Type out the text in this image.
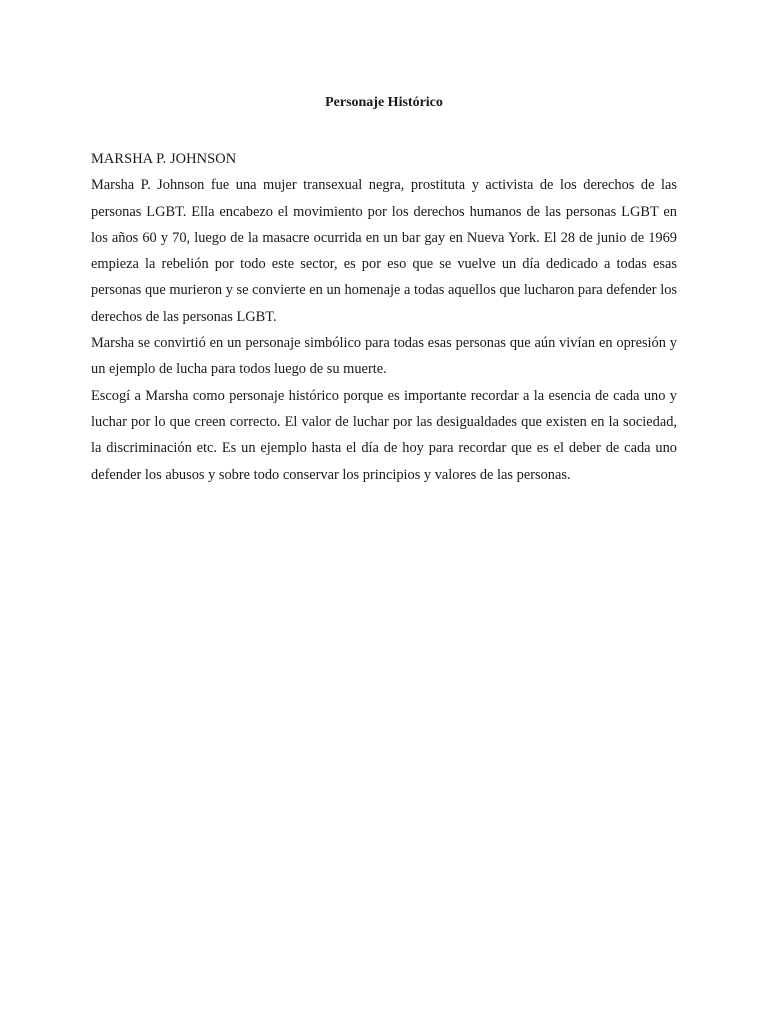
Personaje Histórico

MARSHA P. JOHNSON

Marsha P. Johnson fue una mujer transexual negra, prostituta y activista de los derechos de las personas LGBT. Ella encabezo el movimiento por los derechos humanos de las personas LGBT en los años 60 y 70, luego de la masacre ocurrida en un bar gay en Nueva York. El 28 de junio de 1969 empieza la rebelión por todo este sector, es por eso que se vuelve un día dedicado a todas esas personas que murieron y se convierte en un homenaje a todas aquellos que lucharon para defender los derechos de las personas LGBT.

Marsha se convirtió en un personaje simbólico para todas esas personas que aún vivían en opresión y un ejemplo de lucha para todos luego de su muerte.

Escogí a Marsha como personaje histórico porque es importante recordar a la esencia de cada uno y luchar por lo que creen correcto. El valor de luchar por las desigualdades que existen en la sociedad, la discriminación etc. Es un ejemplo hasta el día de hoy para recordar que es el deber de cada uno defender los abusos y sobre todo conservar los principios y valores de las personas.
